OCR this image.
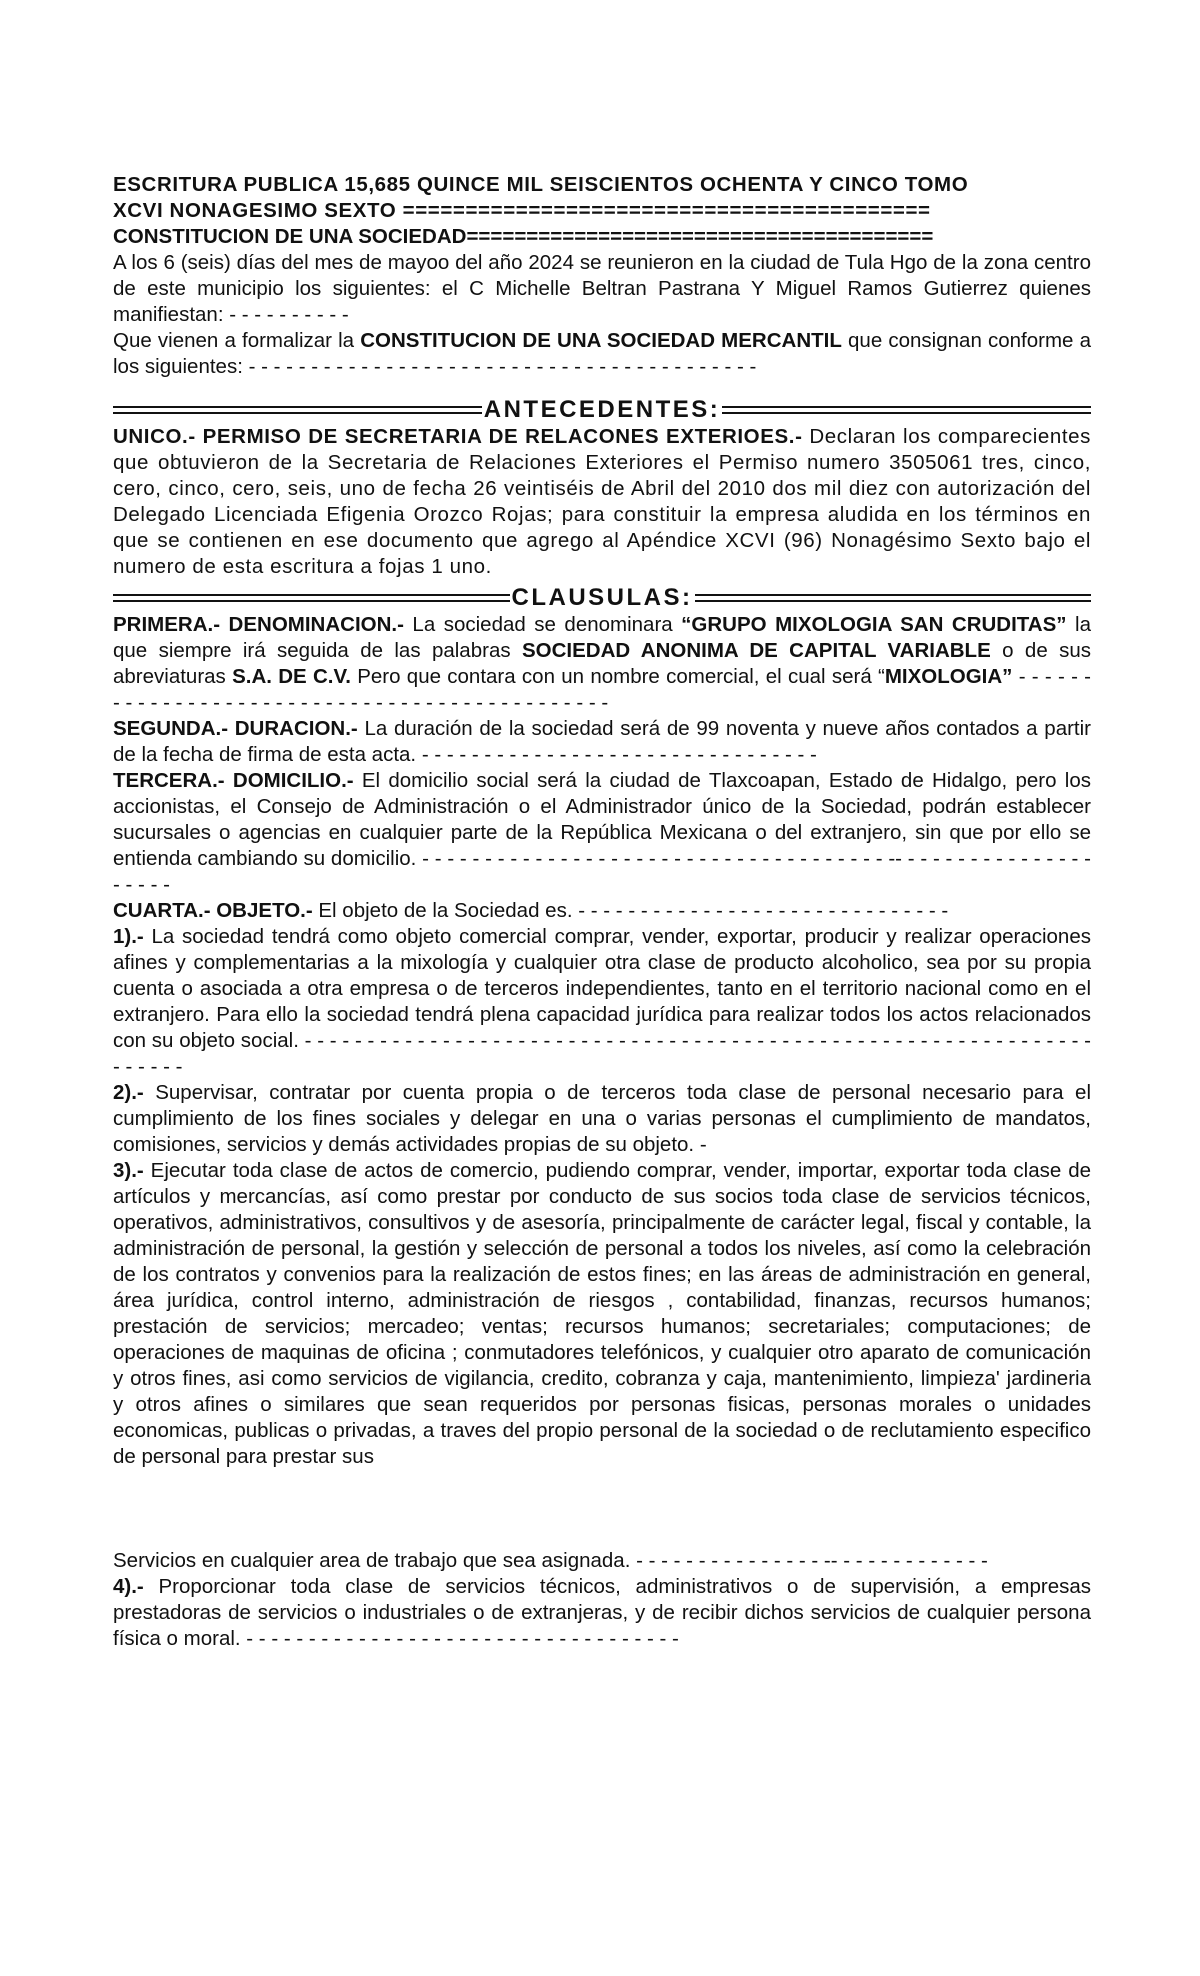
ESCRITURA PUBLICA 15,685 QUINCE MIL SEISCIENTOS OCHENTA Y CINCO TOMO

XCVI NONAGESIMO SEXTO ==========================================

CONSTITUCION DE UNA SOCIEDAD=======================================

A los 6 (seis) días del mes de mayoo del año 2024 se reunieron en la ciudad de Tula Hgo de la zona centro de este municipio los siguientes: el C Michelle Beltran Pastrana Y Miguel Ramos Gutierrez quienes manifiestan: - - - - - - - - - -

Que vienen a formalizar la CONSTITUCION DE UNA SOCIEDAD MERCANTIL que consignan conforme a los siguientes: - - - - - - - - - - - - - - - - - - - - - - - - - - - - - - - - - - - - - - - - -

ANTECEDENTES:

UNICO.- PERMISO DE SECRETARIA DE RELACONES EXTERIOES.- Declaran los comparecientes que obtuvieron de la Secretaria de Relaciones Exteriores el Permiso numero 3505061 tres, cinco, cero, cinco, cero, seis, uno de fecha 26 veintiséis de Abril del 2010 dos mil diez con autorización del Delegado Licenciada Efigenia Orozco Rojas; para constituir la empresa aludida en los términos en que se contienen en ese documento que agrego al Apéndice XCVI (96) Nonagésimo Sexto bajo el numero de esta escritura a fojas 1 uno.

CLAUSULAS:

PRIMERA.- DENOMINACION.- La sociedad se denominara “GRUPO MIXOLOGIA SAN CRUDITAS” la que siempre irá seguida de las palabras SOCIEDAD ANONIMA DE CAPITAL VARIABLE o de sus abreviaturas S.A. DE C.V. Pero que contara con un nombre comercial, el cual será “MIXOLOGIA” - - - - - - - - - - - - - - - - - - - - - - - - - - - - - - - - - - - - - - - - - - - - - -

SEGUNDA.- DURACION.- La duración de la sociedad será de 99 noventa y nueve años contados a partir de la fecha de firma de esta acta. - - - - - - - - - - - - - - - - - - - - - - - - - - - - - - - -

TERCERA.- DOMICILIO.- El domicilio social será la ciudad de Tlaxcoapan, Estado de Hidalgo, pero los accionistas, el Consejo de Administración o el Administrador único de la Sociedad, podrán establecer sucursales o agencias en cualquier parte de la República Mexicana o del extranjero, sin que por ello se entienda cambiando su domicilio. - - - - - - - - - - - - - - - - - - - - - - - - - - - - - - - - - - - - - -- - - - - - - - - - - - - - - - - - - - -

CUARTA.- OBJETO.- El objeto de la Sociedad es. - - - - - - - - - - - - - - - - - - - - - - - - - - - - - -

1).- La sociedad tendrá como objeto comercial comprar, vender, exportar, producir y realizar operaciones afines y complementarias a la mixología y cualquier otra clase de producto alcoholico, sea por su propia cuenta o asociada a otra empresa o de terceros independientes, tanto en el territorio nacional como en el extranjero. Para ello la sociedad tendrá plena capacidad jurídica para realizar todos los actos relacionados con su objeto social. - - - - - - - - - - - - - - - - - - - - - - - - - - - - - - - - - - - - - - - - - - - - - - - - - - - - - - - - - - - - - - - - - - - - -

2).- Supervisar, contratar por cuenta propia o de terceros toda clase de personal necesario para el cumplimiento de los fines sociales y delegar en una o varias personas el cumplimiento de mandatos, comisiones, servicios y demás actividades propias de su objeto. -

3).- Ejecutar toda clase de actos de comercio, pudiendo comprar, vender, importar, exportar toda clase de artículos y mercancías, así como prestar por conducto de sus socios toda clase de servicios técnicos, operativos, administrativos, consultivos y de asesoría, principalmente de carácter legal, fiscal y contable, la administración de personal, la gestión y selección de personal a todos los niveles, así como la celebración de los contratos y convenios para la realización de estos fines; en las áreas de administración en general, área jurídica, control interno, administración de riesgos , contabilidad, finanzas, recursos humanos; prestación de servicios; mercadeo; ventas; recursos humanos; secretariales; computaciones; de operaciones de maquinas de oficina ; conmutadores telefónicos, y cualquier otro aparato de comunicación y otros fines, asi como servicios de vigilancia, credito, cobranza y caja, mantenimiento, limpieza' jardineria y otros afines o similares que sean requeridos por personas fisicas, personas morales o unidades economicas, publicas o privadas, a traves del propio personal de la sociedad o de reclutamiento especifico de personal para prestar sus

Servicios en cualquier area de trabajo que sea asignada. - - - - - - - - - - - - - - - -- - - - - - - - - - - - -

4).- Proporcionar toda clase de servicios técnicos, administrativos o de supervisión, a empresas prestadoras de servicios o industriales o de extranjeras, y de recibir dichos servicios de cualquier persona física o moral. - - - - - - - - - - - - - - - - - - - - - - - - - - - - - - - - - - -
